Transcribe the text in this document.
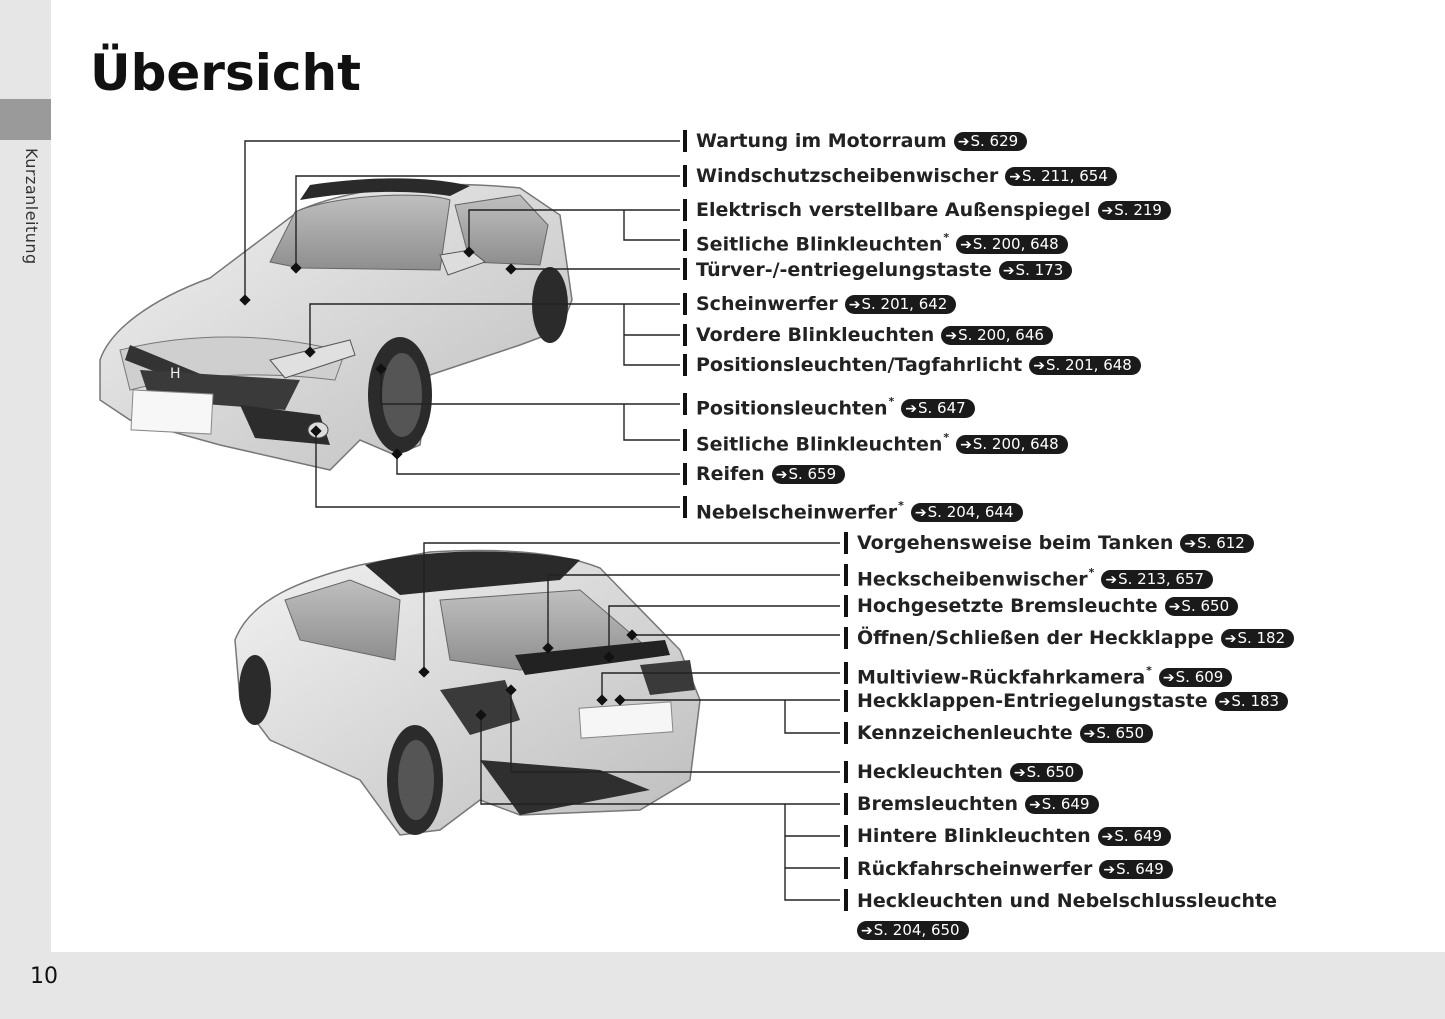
Kurzanleitung
10
Übersicht
H
Wartung im Motorraum ➔S. 629
Windschutzscheibenwischer ➔S. 211, 654
Elektrisch verstellbare Außenspiegel ➔S. 219
Seitliche Blinkleuchten* ➔S. 200, 648
Türver-/-entriegelungstaste ➔S. 173
Scheinwerfer ➔S. 201, 642
Vordere Blinkleuchten ➔S. 200, 646
Positionsleuchten/Tagfahrlicht ➔S. 201, 648
Positionsleuchten* ➔S. 647
Seitliche Blinkleuchten* ➔S. 200, 648
Reifen ➔S. 659
Nebelscheinwerfer* ➔S. 204, 644
Vorgehensweise beim Tanken ➔S. 612
Heckscheibenwischer* ➔S. 213, 657
Hochgesetzte Bremsleuchte ➔S. 650
Öffnen/Schließen der Heckklappe ➔S. 182
Multiview-Rückfahrkamera* ➔S. 609
Heckklappen-Entriegelungstaste ➔S. 183
Kennzeichenleuchte ➔S. 650
Heckleuchten ➔S. 650
Bremsleuchten ➔S. 649
Hintere Blinkleuchten ➔S. 649
Rückfahrscheinwerfer ➔S. 649
Heckleuchten und Nebelschlussleuchte
➔S. 204, 650
